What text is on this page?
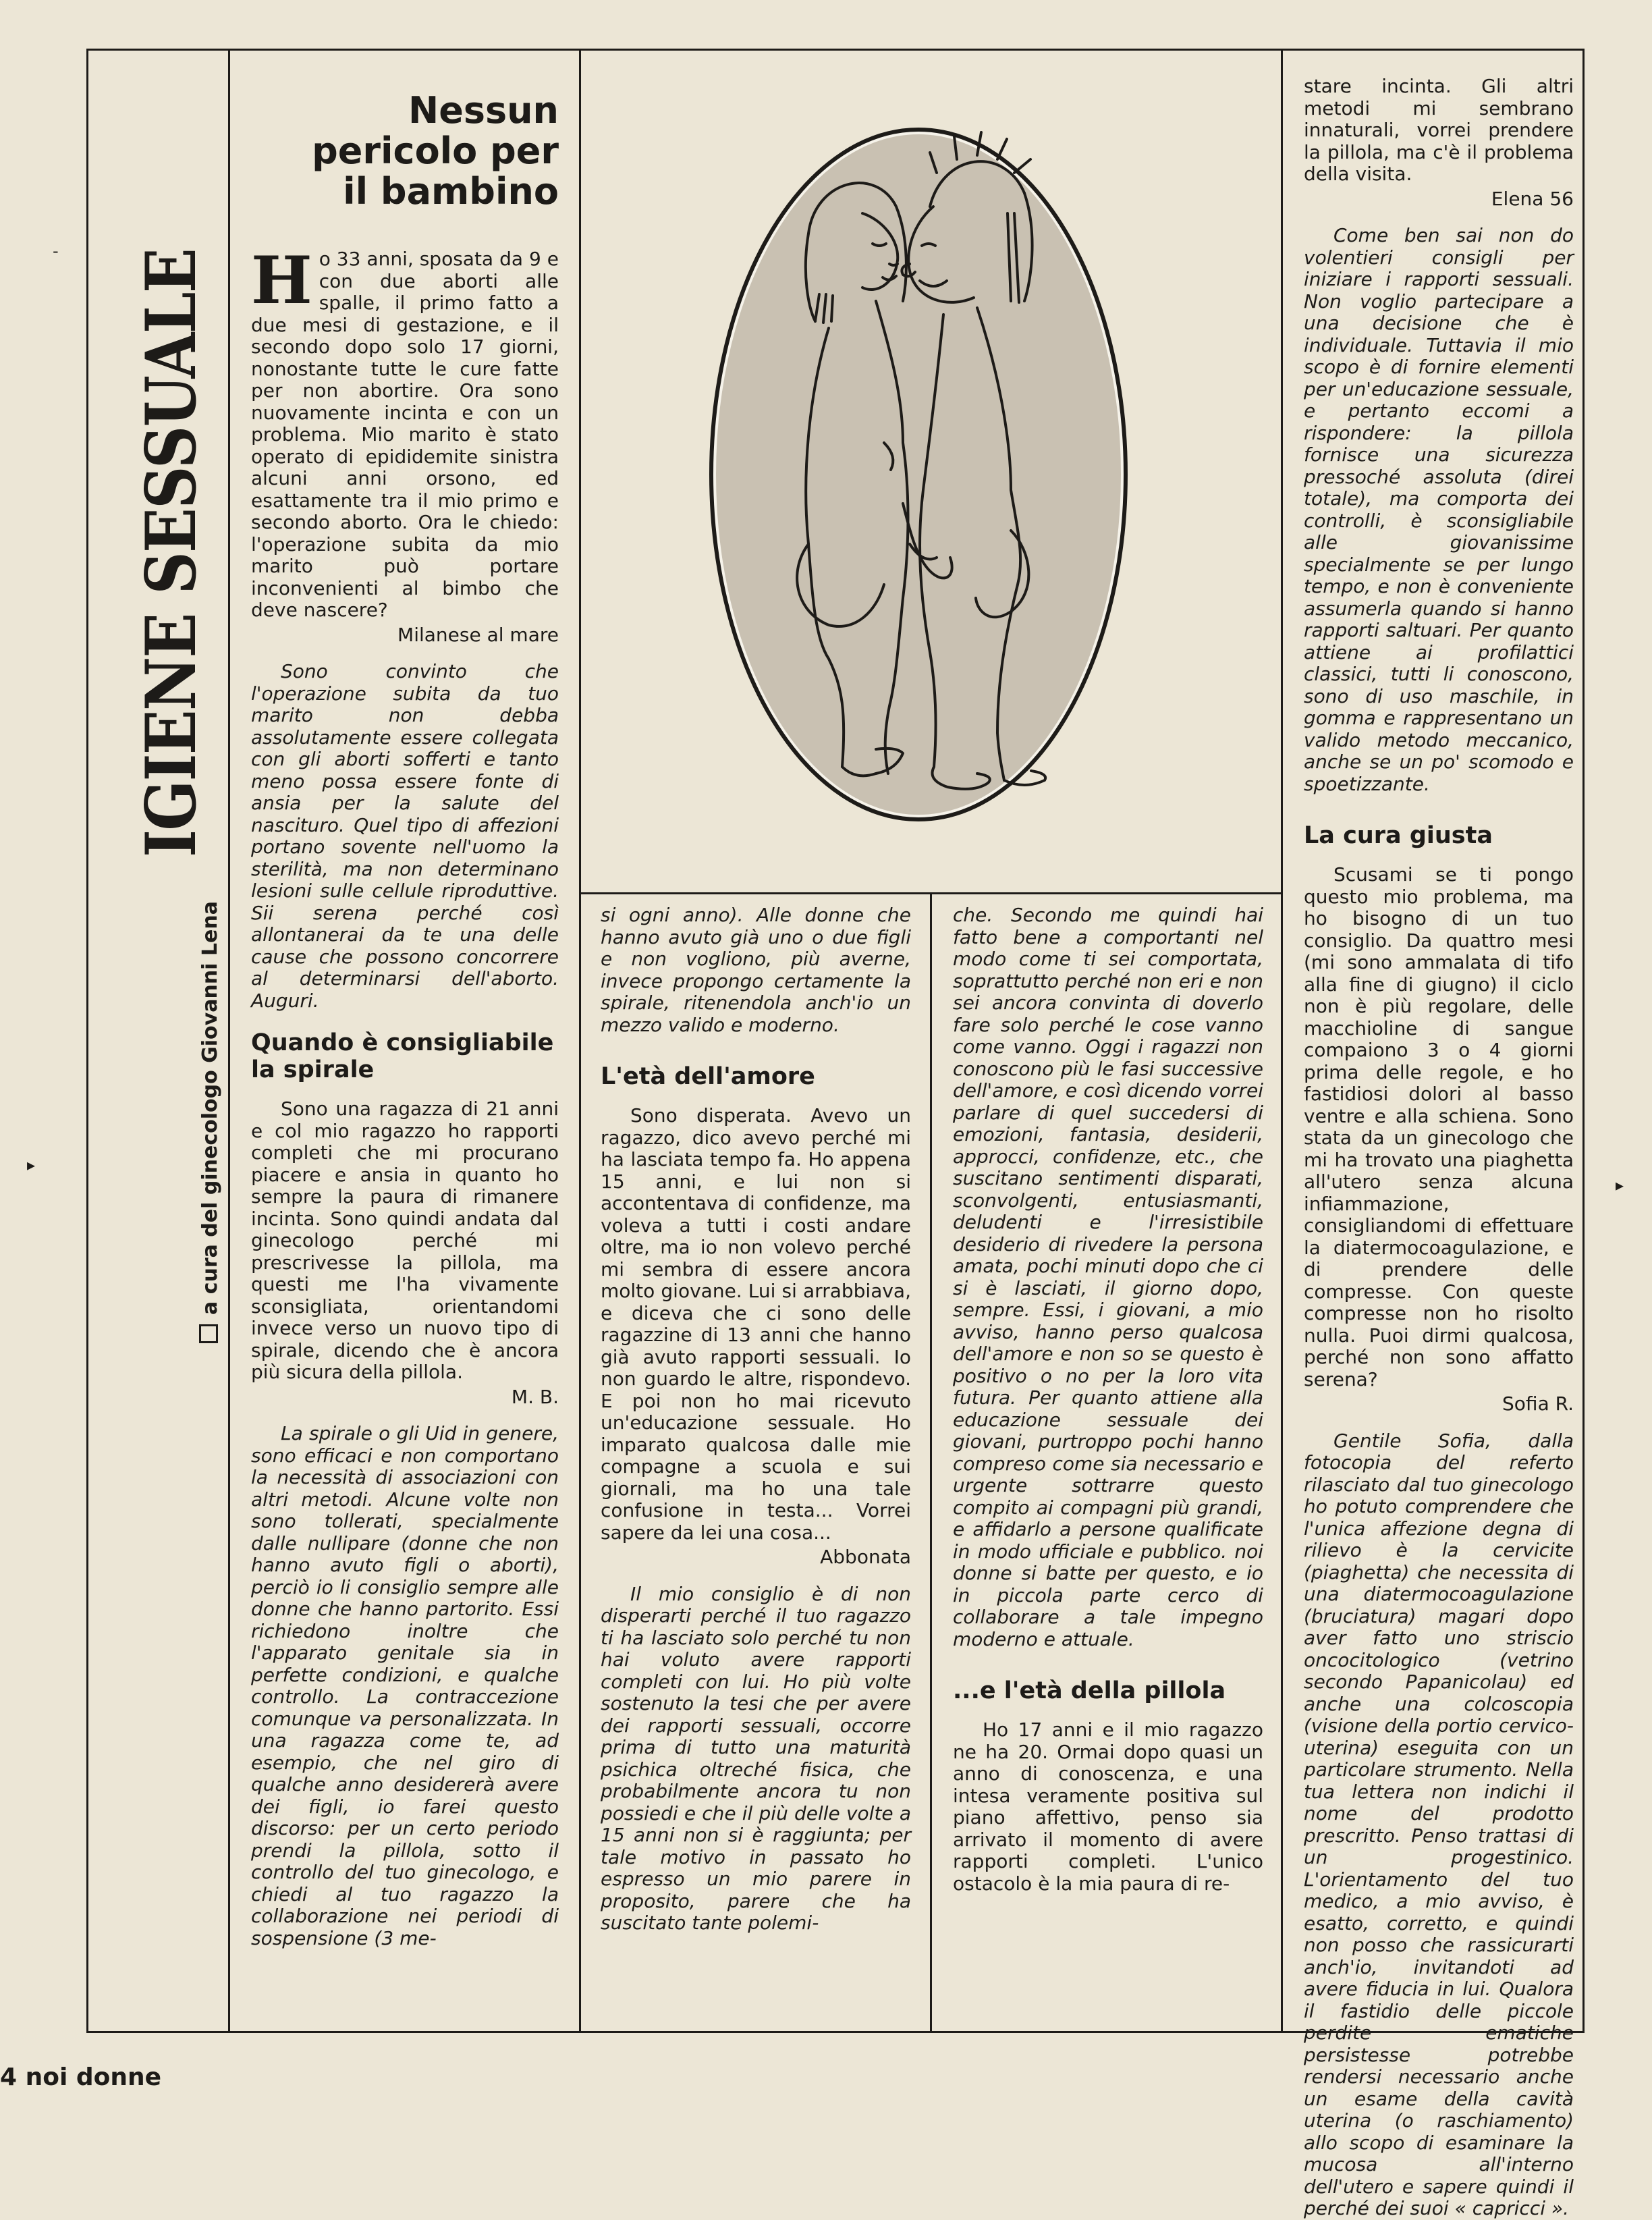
IGIENE SESSUALE
a cura del ginecologo Giovanni Lena
Nessun
pericolo per
il bambino

Ho 33 anni, sposata da 9 e con due aborti alle spalle, il primo fatto a due mesi di gestazione, e il secondo dopo solo 17 giorni, nonostante tutte le cure fatte per non abortire. Ora sono nuovamente incinta e con un problema. Mio marito è stato operato di epididemite sinistra alcuni anni orsono, ed esattamente tra il mio primo e secondo aborto. Ora le chiedo: l'operazione subita da mio marito può portare inconvenienti al bimbo che deve nascere?

Milanese al mare

Sono convinto che l'operazione subita da tuo marito non debba assolutamente essere collegata con gli aborti sofferti e tanto meno possa essere fonte di ansia per la salute del nascituro. Quel tipo di affezioni portano sovente nell'uomo la sterilità, ma non determinano lesioni sulle cellule riproduttive. Sii serena perché così allontanerai da te una delle cause che possono concorrere al determinarsi dell'aborto. Auguri.

Quando è consigliabile la spirale

Sono una ragazza di 21 anni e col mio ragazzo ho rapporti completi che mi procurano piacere e ansia in quanto ho sempre la paura di rimanere incinta. Sono quindi andata dal ginecologo perché mi prescrivesse la pillola, ma questi me l'ha vivamente sconsigliata, orientandomi invece verso un nuovo tipo di spirale, dicendo che è ancora più sicura della pillola.

M. B.

La spirale o gli Uid in genere, sono efficaci e non comportano la necessità di associazioni con altri metodi. Alcune volte non sono tollerati, specialmente dalle nullipare (donne che non hanno avuto figli o aborti), perciò io li consiglio sempre alle donne che hanno partorito. Essi richiedono inoltre che l'apparato genitale sia in perfette condizioni, e qualche controllo. La contraccezione comunque va personalizzata. In una ragazza come te, ad esempio, che nel giro di qualche anno desidererà avere dei figli, io farei questo discorso: per un certo periodo prendi la pillola, sotto il controllo del tuo ginecologo, e chiedi al tuo ragazzo la collaborazione nei periodi di sospensione (3 me-

si ogni anno). Alle donne che hanno avuto già uno o due figli e non vogliono, più averne, invece propongo certamente la spirale, ritenendola anch'io un mezzo valido e moderno.

L'età dell'amore

Sono disperata. Avevo un ragazzo, dico avevo perché mi ha lasciata tempo fa. Ho appena 15 anni, e lui non si accontentava di confidenze, ma voleva a tutti i costi andare oltre, ma io non volevo perché mi sembra di essere ancora molto giovane. Lui si arrabbiava, e diceva che ci sono delle ragazzine di 13 anni che hanno già avuto rapporti sessuali. Io non guardo le altre, rispondevo. E poi non ho mai ricevuto un'educazione sessuale. Ho imparato qualcosa dalle mie compagne a scuola e sui giornali, ma ho una tale confusione in testa... Vorrei sapere da lei una cosa...

Abbonata

Il mio consiglio è di non disperarti perché il tuo ragazzo ti ha lasciato solo perché tu non hai voluto avere rapporti completi con lui. Ho più volte sostenuto la tesi che per avere dei rapporti sessuali, occorre prima di tutto una maturità psichica oltreché fisica, che probabilmente ancora tu non possiedi e che il più delle volte a 15 anni non si è raggiunta; per tale motivo in passato ho espresso un mio parere in proposito, parere che ha suscitato tante polemi-

che. Secondo me quindi hai fatto bene a comportanti nel modo come ti sei comportata, soprattutto perché non eri e non sei ancora convinta di doverlo fare solo perché le cose vanno come vanno. Oggi i ragazzi non conoscono più le fasi successive dell'amore, e così dicendo vorrei parlare di quel succedersi di emozioni, fantasia, desiderii, approcci, confidenze, etc., che suscitano sentimenti disparati, sconvolgenti, entusiasmanti, deludenti e l'irresistibile desiderio di rivedere la persona amata, pochi minuti dopo che ci si è lasciati, il giorno dopo, sempre. Essi, i giovani, a mio avviso, hanno perso qualcosa dell'amore e non so se questo è positivo o no per la loro vita futura. Per quanto attiene alla educazione sessuale dei giovani, purtroppo pochi hanno compreso come sia necessario e urgente sottrarre questo compito ai compagni più grandi, e affidarlo a persone qualificate in modo ufficiale e pubblico. noi donne si batte per questo, e io in piccola parte cerco di collaborare a tale impegno moderno e attuale.

...e l'età della pillola

Ho 17 anni e il mio ragazzo ne ha 20. Ormai dopo quasi un anno di conoscenza, e una intesa veramente positiva sul piano affettivo, penso sia arrivato il momento di avere rapporti completi. L'unico ostacolo è la mia paura di re-

stare incinta. Gli altri metodi mi sembrano innaturali, vorrei prendere la pillola, ma c'è il problema della visita.

Elena 56

Come ben sai non do volentieri consigli per iniziare i rapporti sessuali. Non voglio partecipare a una decisione che è individuale. Tuttavia il mio scopo è di fornire elementi per un'educazione sessuale, e pertanto eccomi a rispondere: la pillola fornisce una sicurezza pressoché assoluta (direi totale), ma comporta dei controlli, è sconsigliabile alle giovanissime specialmente se per lungo tempo, e non è conveniente assumerla quando si hanno rapporti saltuari. Per quanto attiene ai profilattici classici, tutti li conoscono, sono di uso maschile, in gomma e rappresentano un valido metodo meccanico, anche se un po' scomodo e spoetizzante.

La cura giusta

Scusami se ti pongo questo mio problema, ma ho bisogno di un tuo consiglio. Da quattro mesi (mi sono ammalata di tifo alla fine di giugno) il ciclo non è più regolare, delle macchioline di sangue compaiono 3 o 4 giorni prima delle regole, e ho fastidiosi dolori al basso ventre e alla schiena. Sono stata da un ginecologo che mi ha trovato una piaghetta all'utero senza alcuna infiammazione, consigliandomi di effettuare la diatermocoagulazione, e di prendere delle compresse. Con queste compresse non ho risolto nulla. Puoi dirmi qualcosa, perché non sono affatto serena?

Sofia R.

Gentile Sofia, dalla fotocopia del referto rilasciato dal tuo ginecologo ho potuto comprendere che l'unica affezione degna di rilievo è la cervicite (piaghetta) che necessita di una diatermocoagulazione (bruciatura) magari dopo aver fatto uno striscio oncocitologico (vetrino secondo Papanicolau) ed anche una colcoscopia (visione della portio cervico-uterina) eseguita con un particolare strumento. Nella tua lettera non indichi il nome del prodotto prescritto. Penso trattasi di un progestinico. L'orientamento del tuo medico, a mio avviso, è esatto, corretto, e quindi non posso che rassicurarti anch'io, invitandoti ad avere fiducia in lui. Qualora il fastidio delle piccole perdite ematiche persistesse potrebbe rendersi necessario anche un esame della cavità uterina (o raschiamento) allo scopo di esaminare la mucosa all'interno dell'utero e sapere quindi il perché dei suoi « capricci ».

4 noi donne
-
▸
▸
